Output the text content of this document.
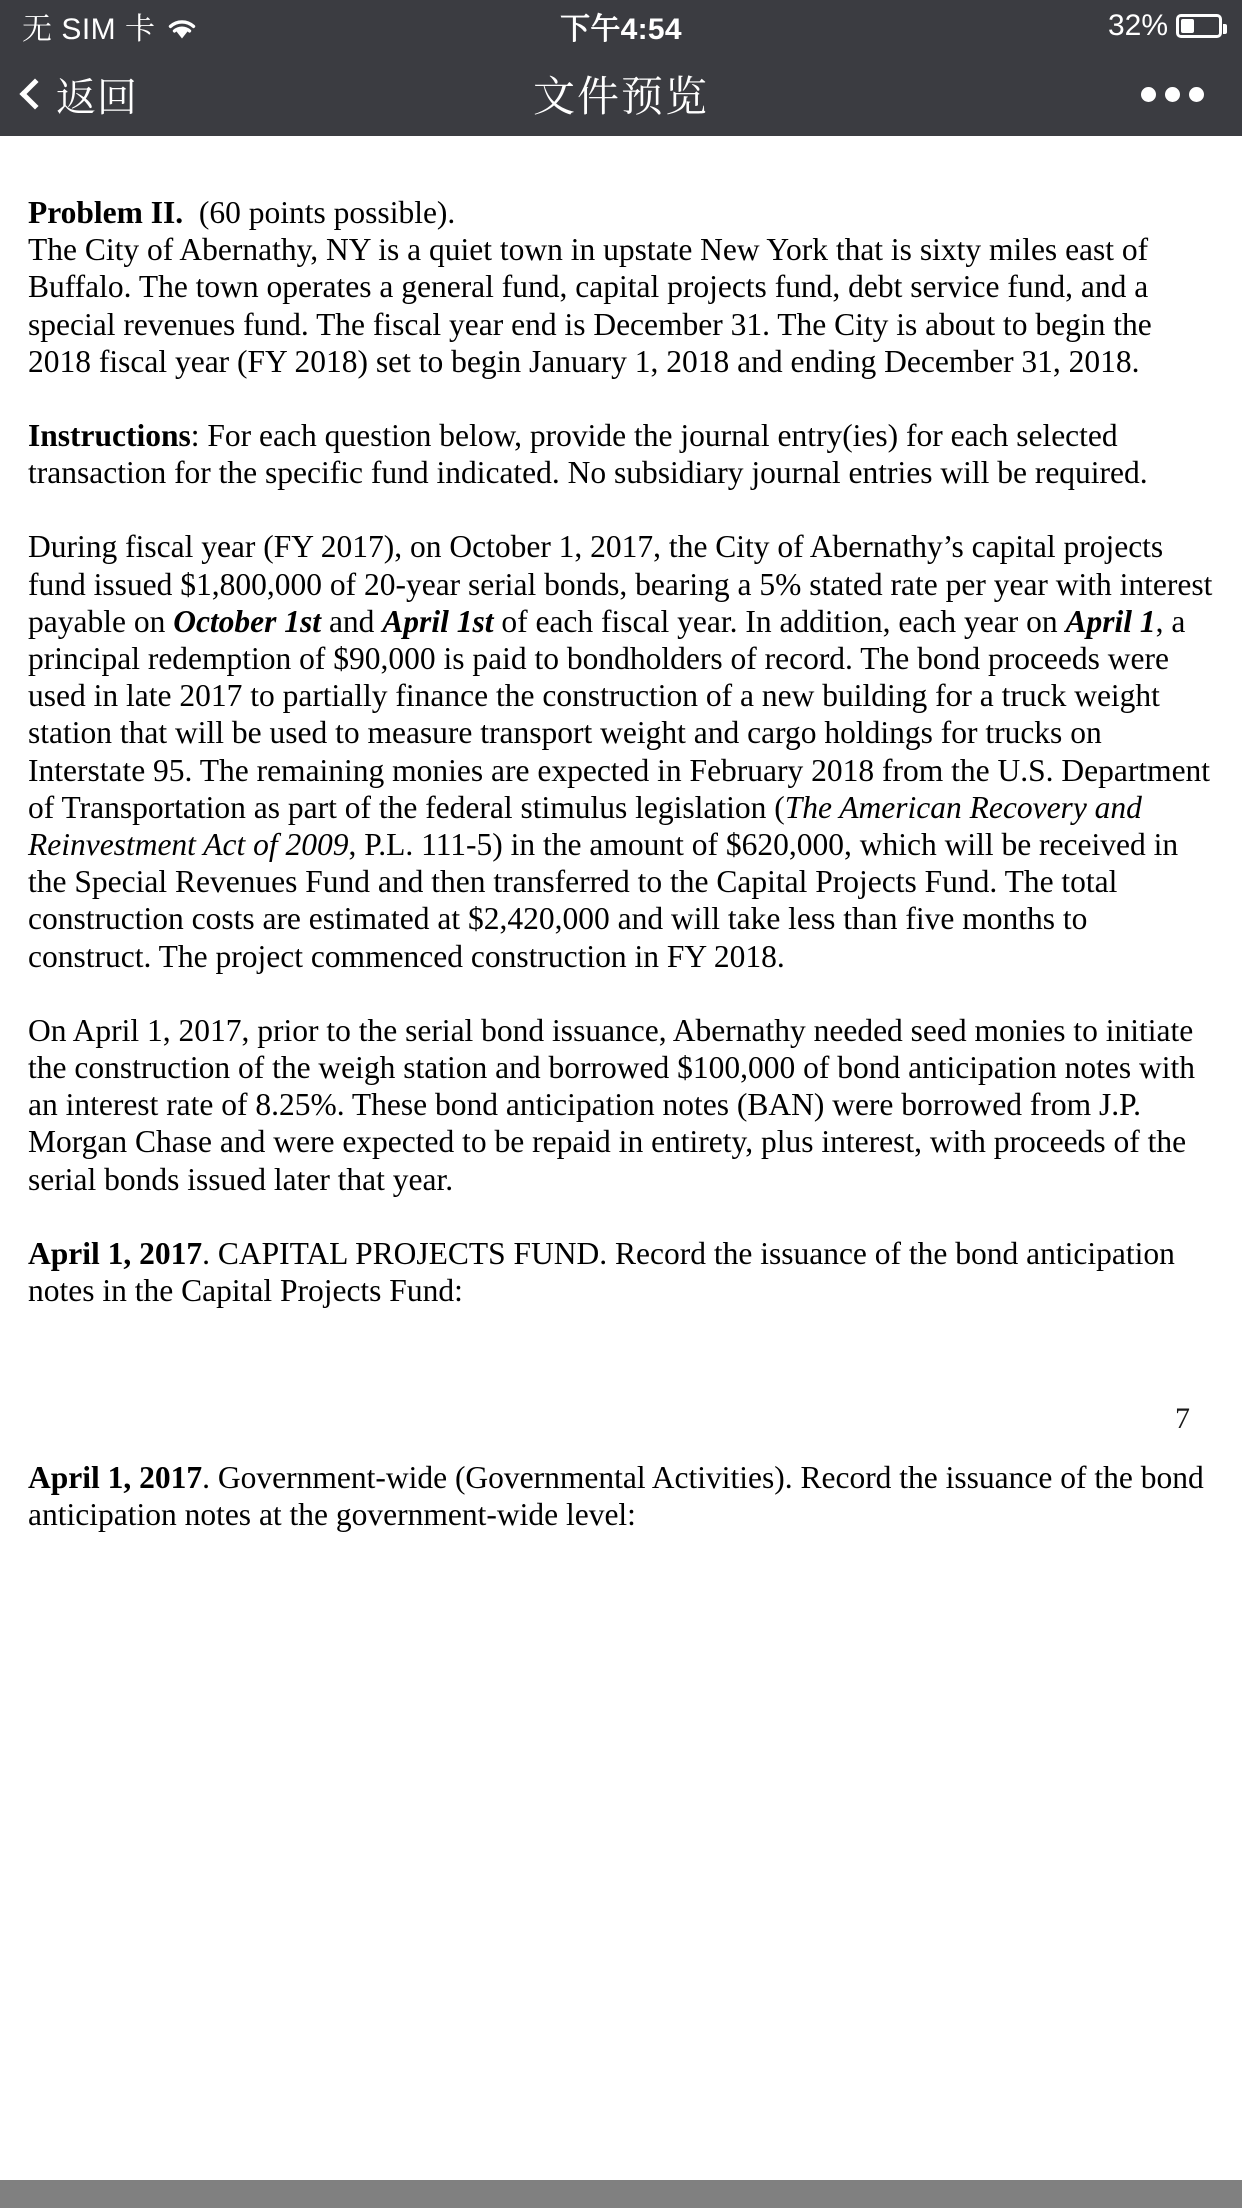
无 SIM 卡	下午4:54	32%
返回	文件预览

Problem II. (60 points possible).

The City of Abernathy, NY is a quiet town in upstate New York that is sixty miles east of Buffalo. The town operates a general fund, capital projects fund, debt service fund, and a special revenues fund. The fiscal year end is December 31. The City is about to begin the 2018 fiscal year (FY 2018) set to begin January 1, 2018 and ending December 31, 2018.

Instructions: For each question below, provide the journal entry(ies) for each selected transaction for the specific fund indicated. No subsidiary journal entries will be required.

During fiscal year (FY 2017), on October 1, 2017, the City of Abernathy’s capital projects fund issued $1,800,000 of 20-year serial bonds, bearing a 5% stated rate per year with interest payable on October 1st and April 1st of each fiscal year. In addition, each year on April 1, a principal redemption of $90,000 is paid to bondholders of record. The bond proceeds were used in late 2017 to partially finance the construction of a new building for a truck weight station that will be used to measure transport weight and cargo holdings for trucks on Interstate 95. The remaining monies are expected in February 2018 from the U.S. Department of Transportation as part of the federal stimulus legislation (The American Recovery and Reinvestment Act of 2009, P.L. 111-5) in the amount of $620,000, which will be received in the Special Revenues Fund and then transferred to the Capital Projects Fund. The total construction costs are estimated at $2,420,000 and will take less than five months to construct. The project commenced construction in FY 2018.

On April 1, 2017, prior to the serial bond issuance, Abernathy needed seed monies to initiate the construction of the weigh station and borrowed $100,000 of bond anticipation notes with an interest rate of 8.25%. These bond anticipation notes (BAN) were borrowed from J.P. Morgan Chase and were expected to be repaid in entirety, plus interest, with proceeds of the serial bonds issued later that year.

April 1, 2017. CAPITAL PROJECTS FUND. Record the issuance of the bond anticipation notes in the Capital Projects Fund:

April 1, 2017. Government-wide (Governmental Activities). Record the issuance of the bond anticipation notes at the government-wide level:

7
